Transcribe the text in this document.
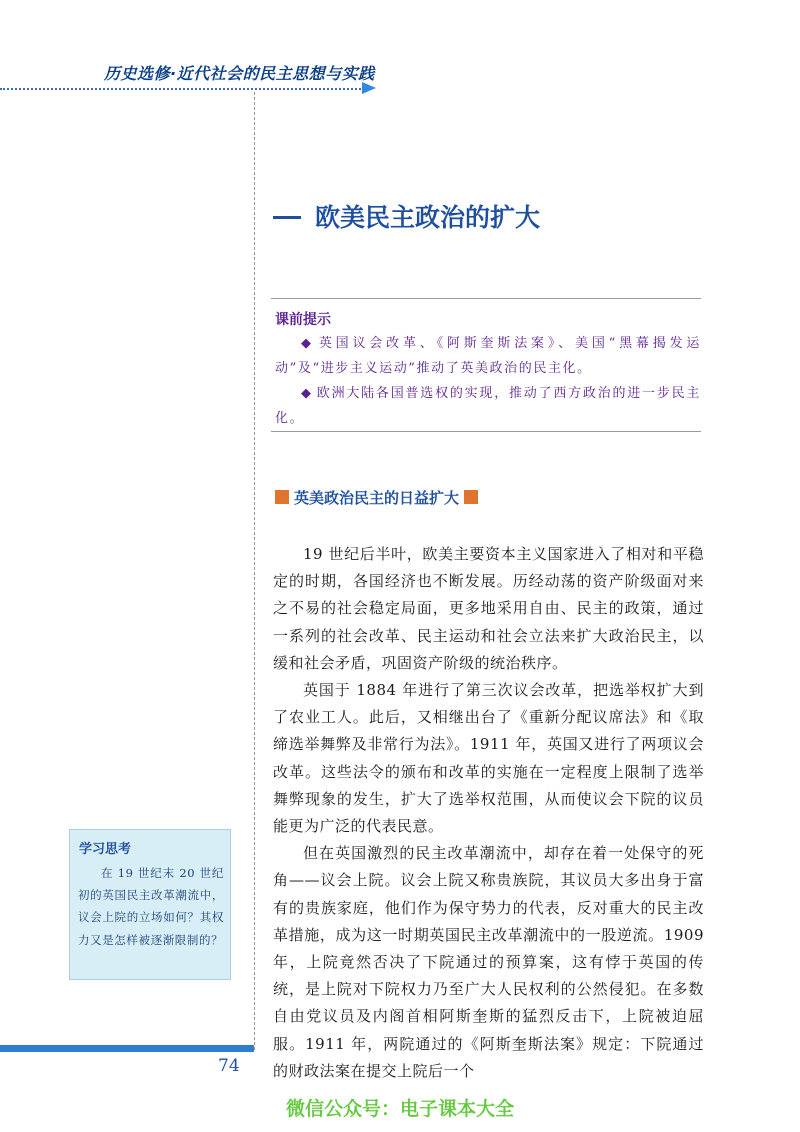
历史选修·近代社会的民主思想与实践
欧美民主政治的扩大
课前提示

◆ 英国议会改革、《阿斯奎斯法案》、美国“黑幕揭发运动”及“进步主义运动”推动了英美政治的民主化。

◆ 欧洲大陆各国普选权的实现，推动了西方政治的进一步民主化。

英美政治民主的日益扩大

19 世纪后半叶，欧美主要资本主义国家进入了相对和平稳定的时期，各国经济也不断发展。历经动荡的资产阶级面对来之不易的社会稳定局面，更多地采用自由、民主的政策，通过一系列的社会改革、民主运动和社会立法来扩大政治民主，以缓和社会矛盾，巩固资产阶级的统治秩序。

英国于 1884 年进行了第三次议会改革，把选举权扩大到了农业工人。此后，又相继出台了《重新分配议席法》和《取缔选举舞弊及非常行为法》。1911 年，英国又进行了两项议会改革。这些法令的颁布和改革的实施在一定程度上限制了选举舞弊现象的发生，扩大了选举权范围，从而使议会下院的议员能更为广泛的代表民意。

但在英国激烈的民主改革潮流中，却存在着一处保守的死角——议会上院。议会上院又称贵族院，其议员大多出身于富有的贵族家庭，他们作为保守势力的代表，反对重大的民主改革措施，成为这一时期英国民主改革潮流中的一股逆流。1909 年，上院竟然否决了下院通过的预算案，这有悖于英国的传统，是上院对下院权力乃至广大人民权利的公然侵犯。在多数自由党议员及内阁首相阿斯奎斯的猛烈反击下，上院被迫屈服。1911 年，两院通过的《阿斯奎斯法案》规定：下院通过的财政法案在提交上院后一个

学习思考
在 19 世纪末 20 世纪初的英国民主改革潮流中，议会上院的立场如何？其权力又是怎样被逐渐限制的？
74
微信公众号：电子课本大全
